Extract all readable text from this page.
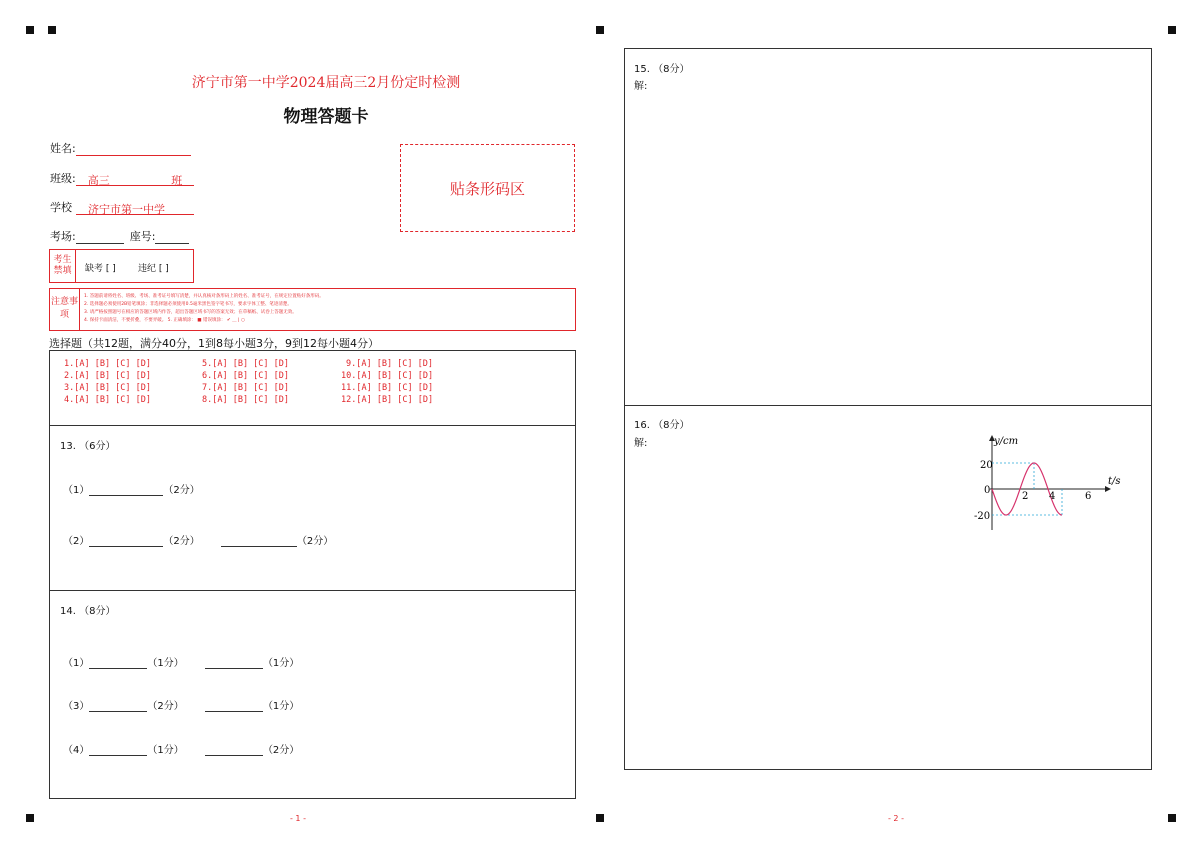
济宁市第一中学2024届高三2月份定时检测
物理答题卡
姓名:
班级:	高三	班
学校	济宁市第一中学
考场:	座号:
贴条形码区
考生禁填	缺考 [ ] 违纪 [ ]
注意事项
1. 答题前请将姓名、班级、考场、准考证号填写清楚，并认真核对条形码上的姓名、准考证号，在规定位置贴好条形码。
2. 选择题必须使用2B铅笔填涂；非选择题必须使用0.5毫米黑色签字笔书写，要求字体工整、笔迹清楚。
3. 请严格按照题号在相应的答题区域内作答，超出答题区域书写的答案无效；在草稿纸、试卷上答题无效。
4. 保持卡面清洁，不要折叠，不要弄破。 5. 正确填涂： ■ 错误填涂： ✔ ＿ | ○
选择题（共12题，满分40分，1到8每小题3分，9到12每小题4分）
1.[A] [B] [C] [D]
2.[A] [B] [C] [D]
3.[A] [B] [C] [D]
4.[A] [B] [C] [D]
5.[A] [B] [C] [D]
6.[A] [B] [C] [D]
7.[A] [B] [C] [D]
8.[A] [B] [C] [D]
9.[A] [B] [C] [D]
10.[A] [B] [C] [D]
11.[A] [B] [C] [D]
12.[A] [B] [C] [D]
13. （6分）
（1）	（2分）
（2）	（2分）	（2分）
14. （8分）
（1）	（1分）	（1分）
（3）	（2分）	（1分）
（4）	（1分）	（2分）
- 1 -
15. （8分）
解:
16. （8分）
解:	y/cm
t/s
20
0
-20
2 4	6
- 2 -
